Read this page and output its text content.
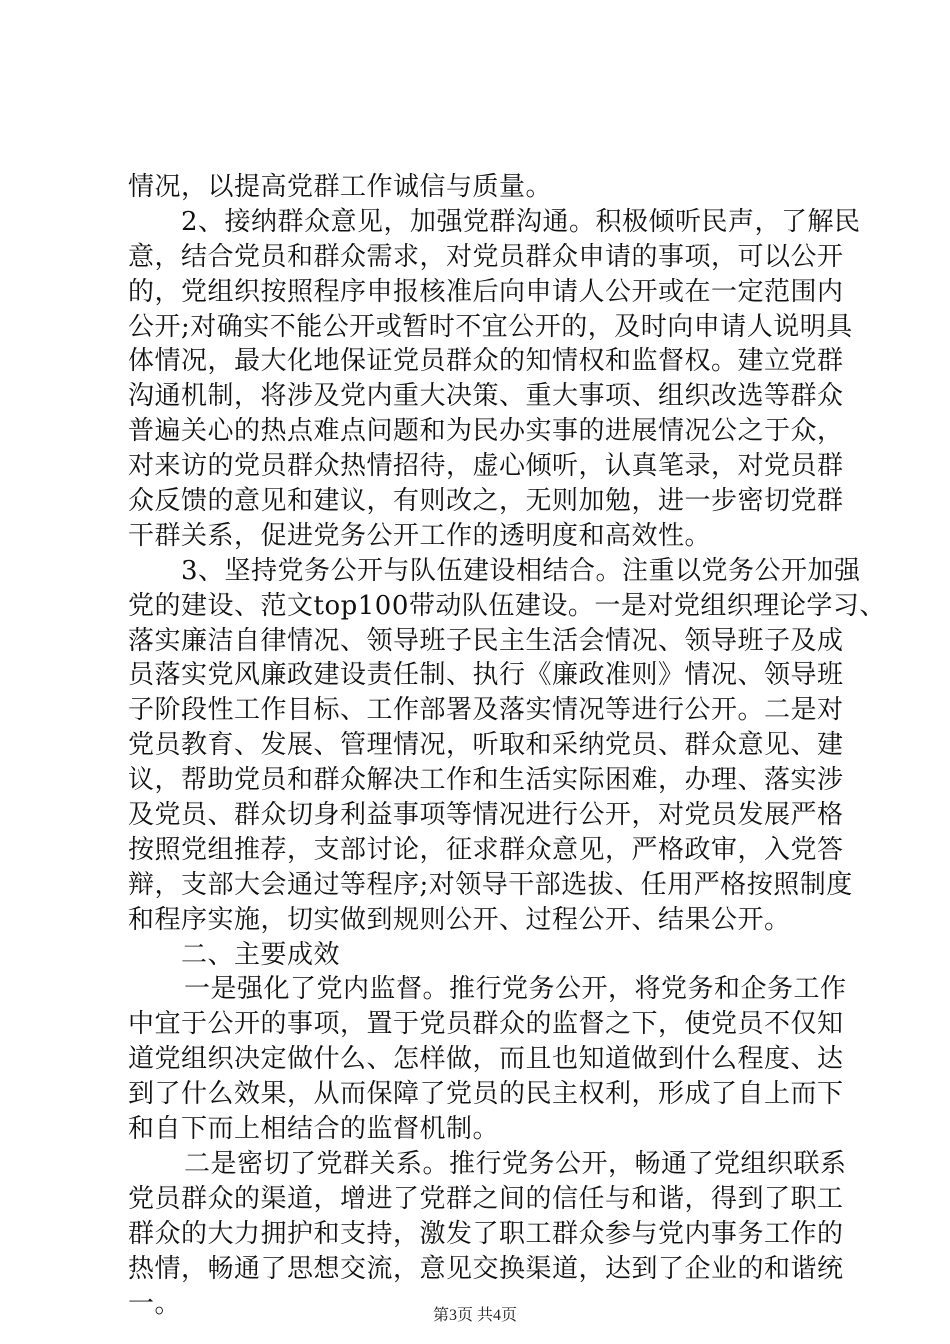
情况，以提高党群工作诚信与质量。
2、接纳群众意见，加强党群沟通。积极倾听民声，了解民
意，结合党员和群众需求，对党员群众申请的事项，可以公开
的，党组织按照程序申报核准后向申请人公开或在一定范围内
公开;对确实不能公开或暂时不宜公开的，及时向申请人说明具
体情况，最大化地保证党员群众的知情权和监督权。建立党群
沟通机制，将涉及党内重大决策、重大事项、组织改选等群众
普遍关心的热点难点问题和为民办实事的进展情况公之于众，
对来访的党员群众热情招待，虚心倾听，认真笔录，对党员群
众反馈的意见和建议，有则改之，无则加勉，进一步密切党群
干群关系，促进党务公开工作的透明度和高效性。
3、坚持党务公开与队伍建设相结合。注重以党务公开加强
党的建设、范文top100带动队伍建设。一是对党组织理论学习、
落实廉洁自律情况、领导班子民主生活会情况、领导班子及成
员落实党风廉政建设责任制、执行《廉政准则》情况、领导班
子阶段性工作目标、工作部署及落实情况等进行公开。二是对
党员教育、发展、管理情况，听取和采纳党员、群众意见、建
议，帮助党员和群众解决工作和生活实际困难，办理、落实涉
及党员、群众切身利益事项等情况进行公开，对党员发展严格
按照党组推荐，支部讨论，征求群众意见，严格政审，入党答
辩，支部大会通过等程序;对领导干部选拔、任用严格按照制度
和程序实施，切实做到规则公开、过程公开、结果公开。
二、主要成效
一是强化了党内监督。推行党务公开，将党务和企务工作
中宜于公开的事项，置于党员群众的监督之下，使党员不仅知
道党组织决定做什么、怎样做，而且也知道做到什么程度、达
到了什么效果，从而保障了党员的民主权利，形成了自上而下
和自下而上相结合的监督机制。
二是密切了党群关系。推行党务公开，畅通了党组织联系
党员群众的渠道，增进了党群之间的信任与和谐，得到了职工
群众的大力拥护和支持，激发了职工群众参与党内事务工作的
热情，畅通了思想交流，意见交换渠道，达到了企业的和谐统
一。	第3页 共4页
